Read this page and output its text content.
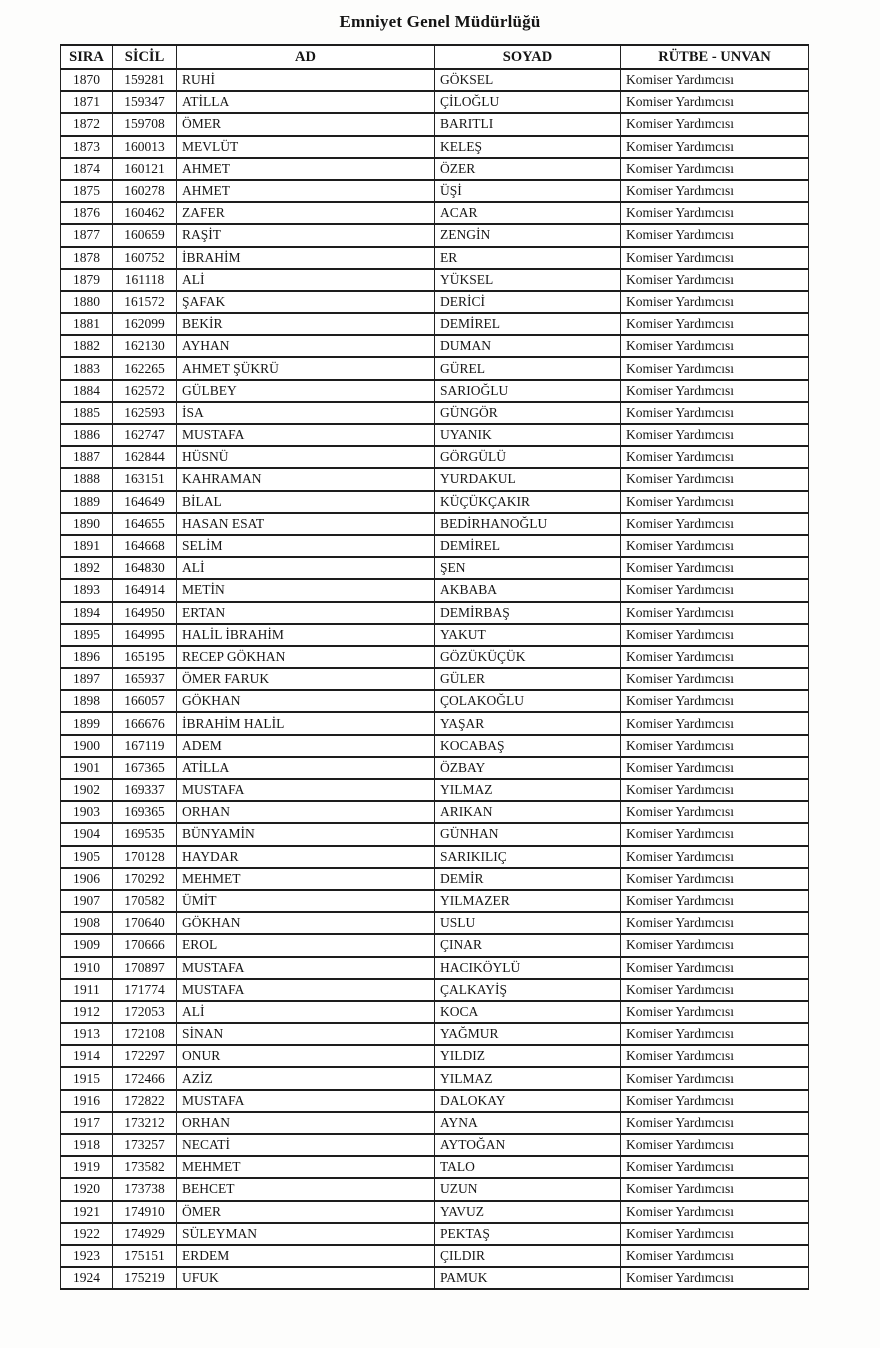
Emniyet Genel Müdürlüğü
SIRA	SİCİL	AD	SOYAD	RÜTBE - UNVAN
1870	159281	RUHİ	GÖKSEL	Komiser Yardımcısı
1871	159347	ATİLLA	ÇİLOĞLU	Komiser Yardımcısı
1872	159708	ÖMER	BARITLI	Komiser Yardımcısı
1873	160013	MEVLÜT	KELEŞ	Komiser Yardımcısı
1874	160121	AHMET	ÖZER	Komiser Yardımcısı
1875	160278	AHMET	ÜŞİ	Komiser Yardımcısı
1876	160462	ZAFER	ACAR	Komiser Yardımcısı
1877	160659	RAŞİT	ZENGİN	Komiser Yardımcısı
1878	160752	İBRAHİM	ER	Komiser Yardımcısı
1879	161118	ALİ	YÜKSEL	Komiser Yardımcısı
1880	161572	ŞAFAK	DERİCİ	Komiser Yardımcısı
1881	162099	BEKİR	DEMİREL	Komiser Yardımcısı
1882	162130	AYHAN	DUMAN	Komiser Yardımcısı
1883	162265	AHMET ŞÜKRÜ	GÜREL	Komiser Yardımcısı
1884	162572	GÜLBEY	SARIOĞLU	Komiser Yardımcısı
1885	162593	İSA	GÜNGÖR	Komiser Yardımcısı
1886	162747	MUSTAFA	UYANIK	Komiser Yardımcısı
1887	162844	HÜSNÜ	GÖRGÜLÜ	Komiser Yardımcısı
1888	163151	KAHRAMAN	YURDAKUL	Komiser Yardımcısı
1889	164649	BİLAL	KÜÇÜKÇAKIR	Komiser Yardımcısı
1890	164655	HASAN ESAT	BEDİRHANOĞLU	Komiser Yardımcısı
1891	164668	SELİM	DEMİREL	Komiser Yardımcısı
1892	164830	ALİ	ŞEN	Komiser Yardımcısı
1893	164914	METİN	AKBABA	Komiser Yardımcısı
1894	164950	ERTAN	DEMİRBAŞ	Komiser Yardımcısı
1895	164995	HALİL İBRAHİM	YAKUT	Komiser Yardımcısı
1896	165195	RECEP GÖKHAN	GÖZÜKÜÇÜK	Komiser Yardımcısı
1897	165937	ÖMER FARUK	GÜLER	Komiser Yardımcısı
1898	166057	GÖKHAN	ÇOLAKOĞLU	Komiser Yardımcısı
1899	166676	İBRAHİM HALİL	YAŞAR	Komiser Yardımcısı
1900	167119	ADEM	KOCABAŞ	Komiser Yardımcısı
1901	167365	ATİLLA	ÖZBAY	Komiser Yardımcısı
1902	169337	MUSTAFA	YILMAZ	Komiser Yardımcısı
1903	169365	ORHAN	ARIKAN	Komiser Yardımcısı
1904	169535	BÜNYAMİN	GÜNHAN	Komiser Yardımcısı
1905	170128	HAYDAR	SARIKILIÇ	Komiser Yardımcısı
1906	170292	MEHMET	DEMİR	Komiser Yardımcısı
1907	170582	ÜMİT	YILMAZER	Komiser Yardımcısı
1908	170640	GÖKHAN	USLU	Komiser Yardımcısı
1909	170666	EROL	ÇINAR	Komiser Yardımcısı
1910	170897	MUSTAFA	HACIKÖYLÜ	Komiser Yardımcısı
1911	171774	MUSTAFA	ÇALKAYİŞ	Komiser Yardımcısı
1912	172053	ALİ	KOCA	Komiser Yardımcısı
1913	172108	SİNAN	YAĞMUR	Komiser Yardımcısı
1914	172297	ONUR	YILDIZ	Komiser Yardımcısı
1915	172466	AZİZ	YILMAZ	Komiser Yardımcısı
1916	172822	MUSTAFA	DALOKAY	Komiser Yardımcısı
1917	173212	ORHAN	AYNA	Komiser Yardımcısı
1918	173257	NECATİ	AYTOĞAN	Komiser Yardımcısı
1919	173582	MEHMET	TALO	Komiser Yardımcısı
1920	173738	BEHCET	UZUN	Komiser Yardımcısı
1921	174910	ÖMER	YAVUZ	Komiser Yardımcısı
1922	174929	SÜLEYMAN	PEKTAŞ	Komiser Yardımcısı
1923	175151	ERDEM	ÇILDIR	Komiser Yardımcısı
1924	175219	UFUK	PAMUK	Komiser Yardımcısı
